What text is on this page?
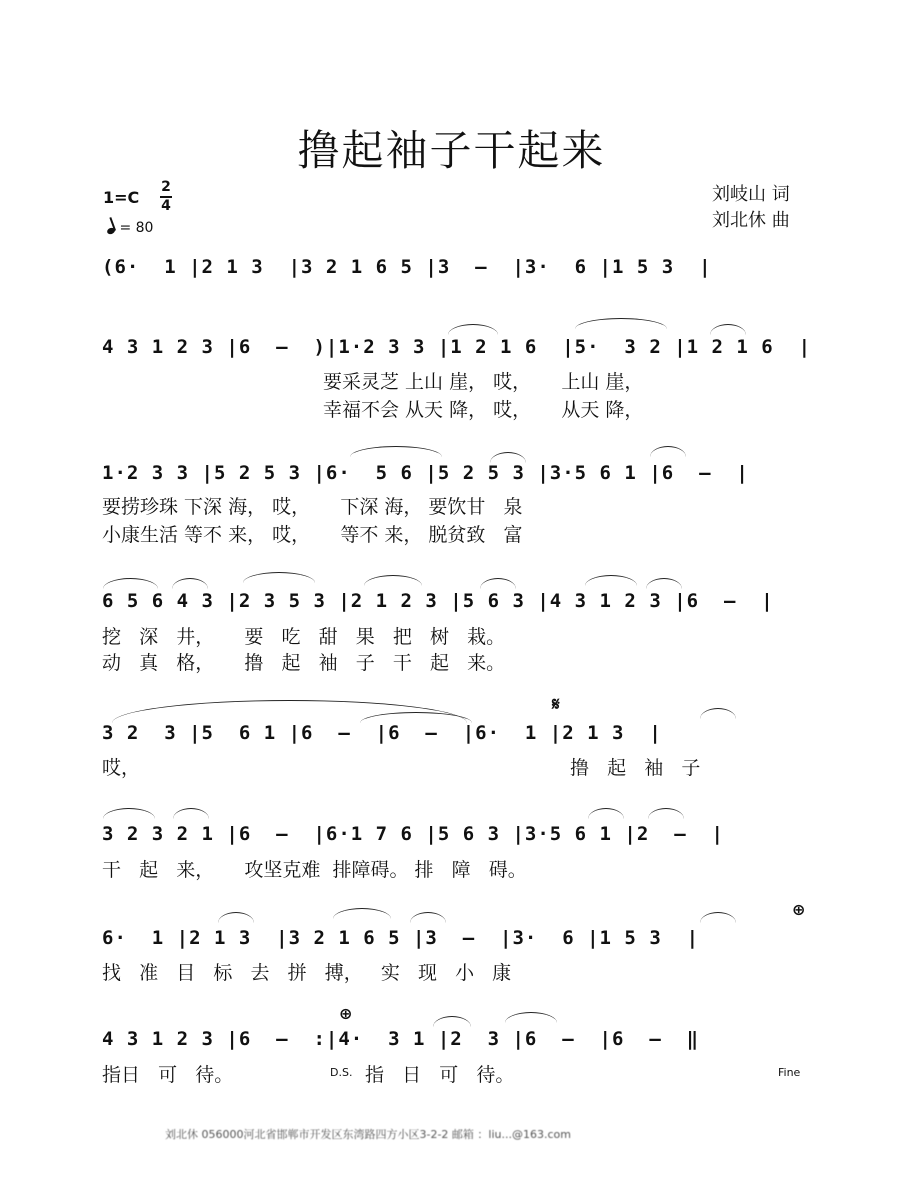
撸起袖子干起来
1=C
2
4
= 80
刘岐山 词
刘北休 曲
(6·  1 |2 1 3  |3 2 1 6 5 |3  –  |3·  6 |1 5 3  |
4 3 1 2 3 |6  –  )|1·2 3 3 |1 2 1 6  |5·  3 2 |1 2 1 6  |
要采灵芝 上山 崖， 哎，     上山 崖，
幸福不会 从天 降， 哎，     从天 降，
1·2 3 3 |5 2 5 3 |6·  5 6 |5 2 5 3 |3·5 6 1 |6  –  |
要捞珍珠 下深 海， 哎，     下深 海， 要饮甘   泉
小康生活 等不 来， 哎，     等不 来， 脱贫致   富
6 5 6 4 3 |2 3 5 3 |2 1 2 3 |5 6 3 |4 3 1 2 3 |6  –  |
挖   深   井，     要   吃   甜   果   把   树   栽。
动   真   格，     撸   起   袖   子   干   起   来。
𝄋
3 2  3 |5  6 1 |6  –  |6  –  |6·  1 |2 1 3  |
哎，	撸   起   袖   子
3 2 3 2 1 |6  –  |6·1 7 6 |5 6 3 |3·5 6 1 |2  –  |
干   起   来，     攻坚克难  排障碍。 排   障   碍。
⊕
6·  1 |2 1 3  |3 2 1 6 5 |3  –  |3·  6 |1 5 3  |
找   准   目   标   去   拼   搏，   实   现   小   康
⊕
4 3 1 2 3 |6  –  :|4·  3 1 |2  3 |6  –  |6  –  ‖
指日   可   待。	D.S. 指   日   可   待。	Fine
刘北休 056000河北省邯郸市开发区东湾路四方小区3-2-2 邮箱 ：liu...@163.com
